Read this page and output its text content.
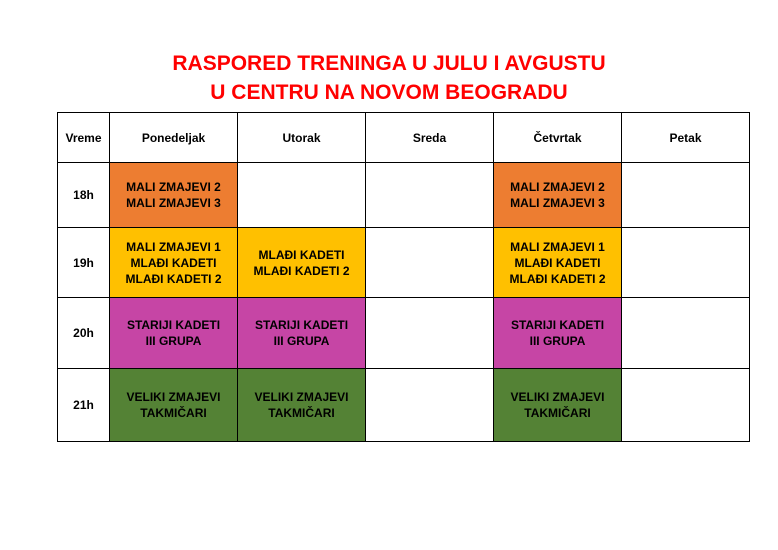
RASPORED TRENINGA U JULU I AVGUSTU
U CENTRU NA NOVOM BEOGRADU
Vreme	Ponedeljak	Utorak	Sreda	Četvrtak	Petak
18h	MALI ZMAJEVI 2
MALI ZMAJEVI 3			MALI ZMAJEVI 2
MALI ZMAJEVI 3	

19h	MALI ZMAJEVI 1
MLAĐI KADETI
MLAĐI KADETI 2	MLAĐI KADETI
MLAĐI KADETI 2		MALI ZMAJEVI 1
MLAĐI KADETI
MLAĐI KADETI 2	

20h	STARIJI KADETI
III GRUPA	STARIJI KADETI
III GRUPA		STARIJI KADETI
III GRUPA	

21h	VELIKI ZMAJEVI
TAKMIČARI	VELIKI ZMAJEVI
TAKMIČARI		VELIKI ZMAJEVI
TAKMIČARI	
